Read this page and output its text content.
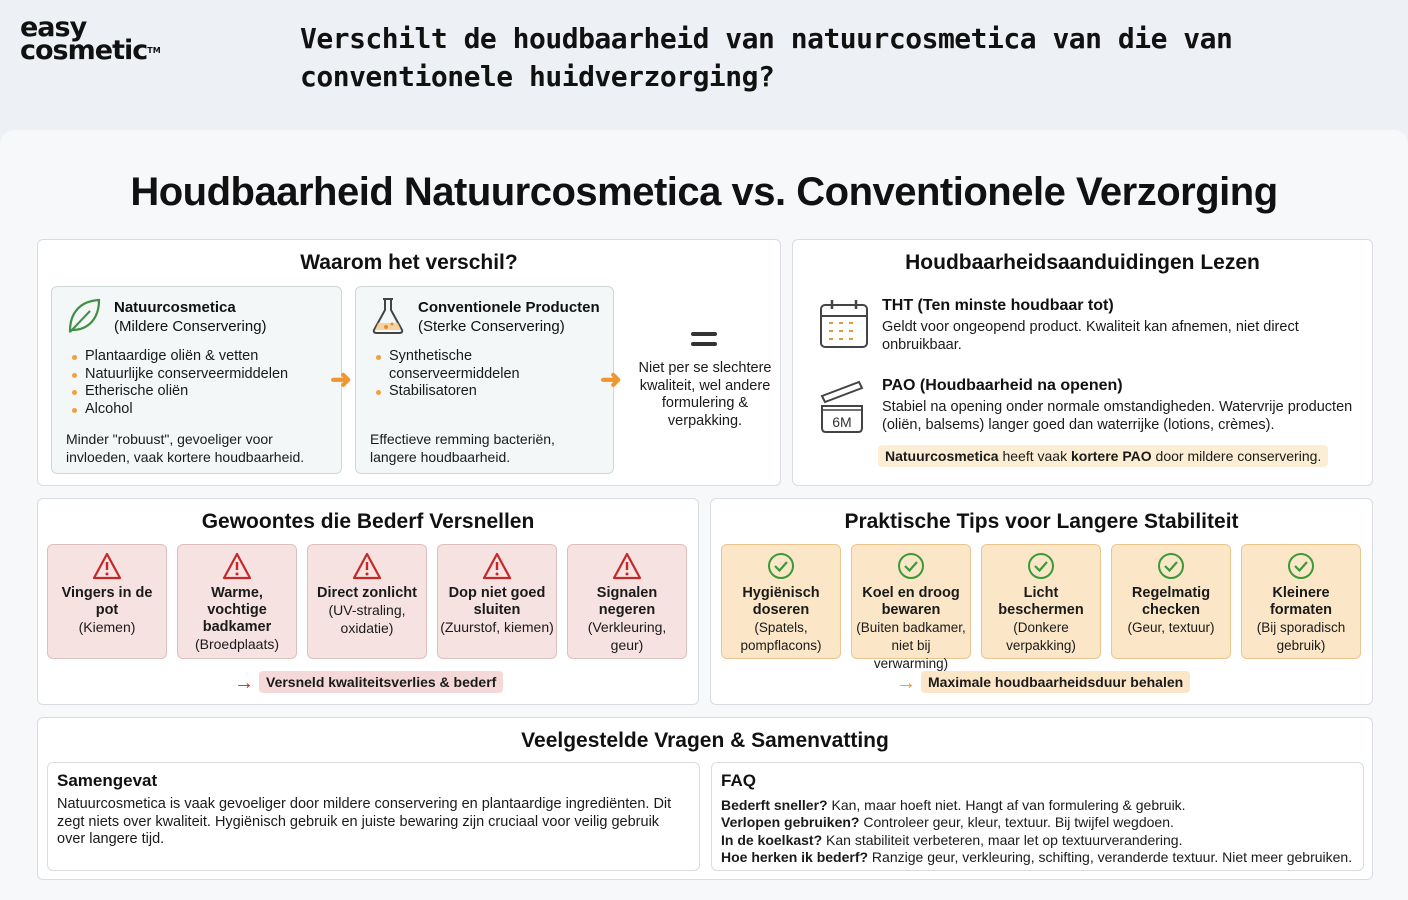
easy
cosmetic™	Verschilt de houdbaarheid van natuurcosmetica van die van conventionele huidverzorging?
Houdbaarheid Natuurcosmetica vs. Conventionele Verzorging
Waarom het verschil?
Natuurcosmetica
(Mildere Conservering)
Plantaardige oliën & vetten
Natuurlijke conserveermiddelen
Etherische oliën
Alcohol
Minder "robuust", gevoeliger voor invloeden, vaak kortere houdbaarheid.
➜
Conventionele Producten
(Sterke Conservering)
Synthetische conserveermiddelen
Stabilisatoren
Effectieve remming bacteriën, langere houdbaarheid.
➜	Niet per se slechtere kwaliteit, wel andere formulering & verpakking.
Houdbaarheidsaanduidingen Lezen
THT (Ten minste houdbaar tot)
Geldt voor ongeopend product. Kwaliteit kan afnemen, niet direct onbruikbaar.
6M
PAO (Houdbaarheid na openen)
Stabiel na opening onder normale omstandigheden. Watervrije producten (oliën, balsems) langer goed dan waterrijke (lotions, crèmes).
Natuurcosmetica heeft vaak kortere PAO door mildere conservering.
Gewoontes die Bederf Versnellen
Vingers in de pot
(Kiemen)
Warme, vochtige badkamer
(Broedplaats)
Direct zonlicht
(UV-straling, oxidatie)
Dop niet goed sluiten
(Zuurstof, kiemen)
Signalen negeren
(Verkleuring, geur)
→ Versneld kwaliteitsverlies & bederf
Praktische Tips voor Langere Stabiliteit
Hygiënisch doseren
(Spatels, pompflacons)
Koel en droog bewaren
(Buiten badkamer, niet bij verwarming)
Licht beschermen
(Donkere verpakking)
Regelmatig checken
(Geur, textuur)
Kleinere formaten
(Bij sporadisch gebruik)
→ Maximale houdbaarheidsduur behalen
Veelgestelde Vragen & Samenvatting
Samengevat
Natuurcosmetica is vaak gevoeliger door mildere conservering en plantaardige ingrediënten. Dit zegt niets over kwaliteit. Hygiënisch gebruik en juiste bewaring zijn cruciaal voor veilig gebruik over langere tijd.
FAQ
Bederft sneller? Kan, maar hoeft niet. Hangt af van formulering & gebruik.
Verlopen gebruiken? Controleer geur, kleur, textuur. Bij twijfel wegdoen.
In de koelkast? Kan stabiliteit verbeteren, maar let op textuurverandering.
Hoe herken ik bederf? Ranzige geur, verkleuring, schifting, veranderde textuur. Niet meer gebruiken.
